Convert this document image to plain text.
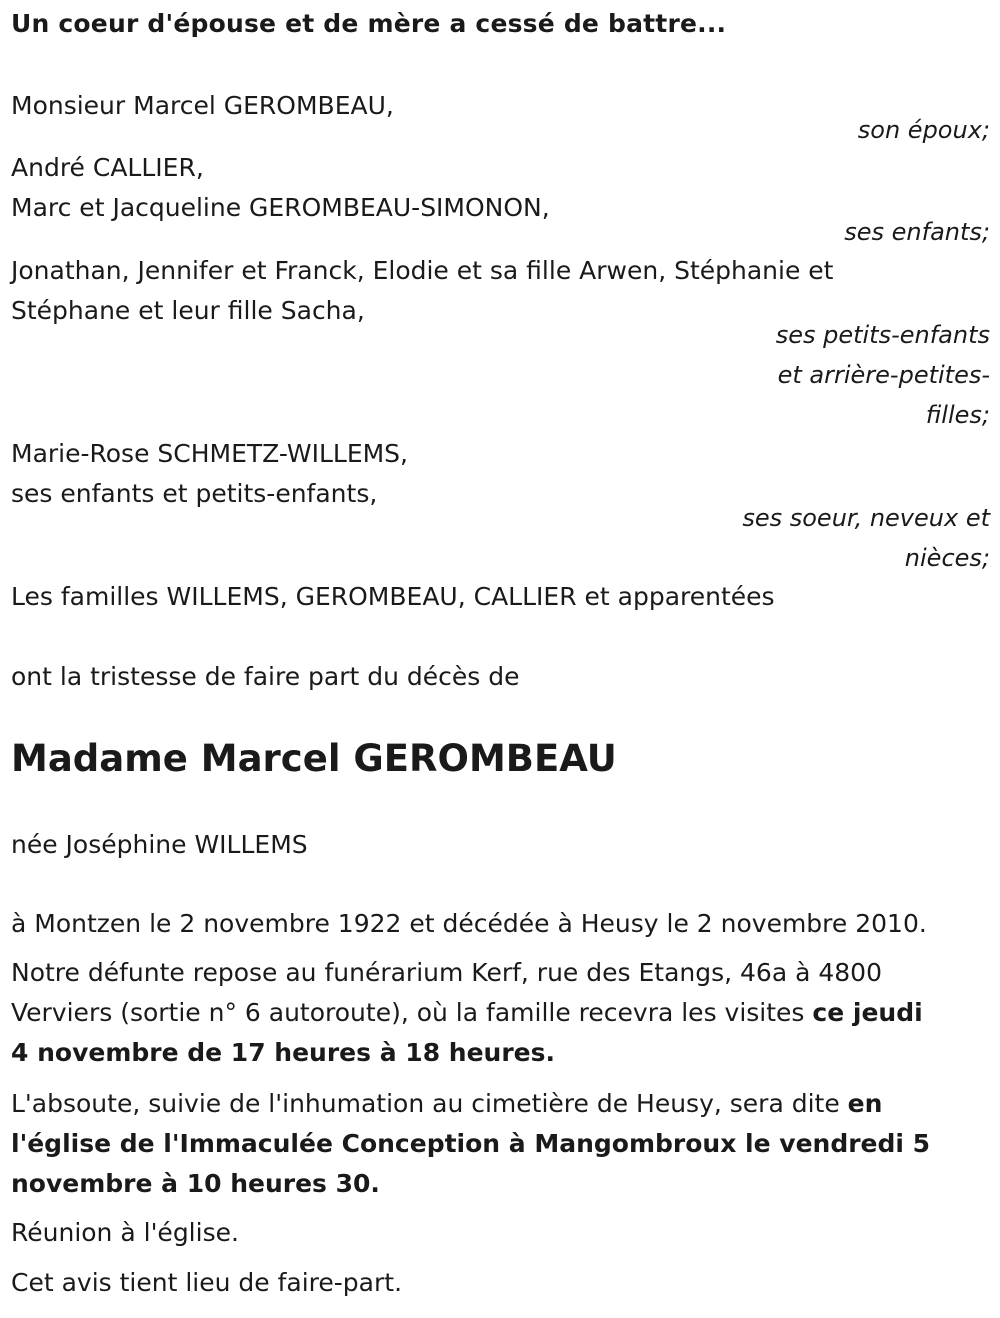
Un coeur d'épouse et de mère a cessé de battre...
Monsieur Marcel GEROMBEAU,
son époux;
André CALLIER,
Marc et Jacqueline GEROMBEAU-SIMONON,
ses enfants;
Jonathan, Jennifer et Franck, Elodie et sa fille Arwen, Stéphanie et
Stéphane et leur fille Sacha,
ses petits-enfants
et arrière-petites-
filles;
Marie-Rose SCHMETZ-WILLEMS,
ses enfants et petits-enfants,
ses soeur, neveux et
nièces;
Les familles WILLEMS, GEROMBEAU, CALLIER et apparentées
ont la tristesse de faire part du décès de
Madame Marcel GEROMBEAU
née Joséphine WILLEMS
à Montzen le 2 novembre 1922 et décédée à Heusy le 2 novembre 2010.
Notre défunte repose au funérarium Kerf, rue des Etangs, 46a à 4800
Verviers (sortie n° 6 autoroute), où la famille recevra les visites ce jeudi
4 novembre de 17 heures à 18 heures.
L'absoute, suivie de l'inhumation au cimetière de Heusy, sera dite en
l'église de l'Immaculée Conception à Mangombroux le vendredi 5
novembre à 10 heures 30.
Réunion à l'église.
Cet avis tient lieu de faire-part.
